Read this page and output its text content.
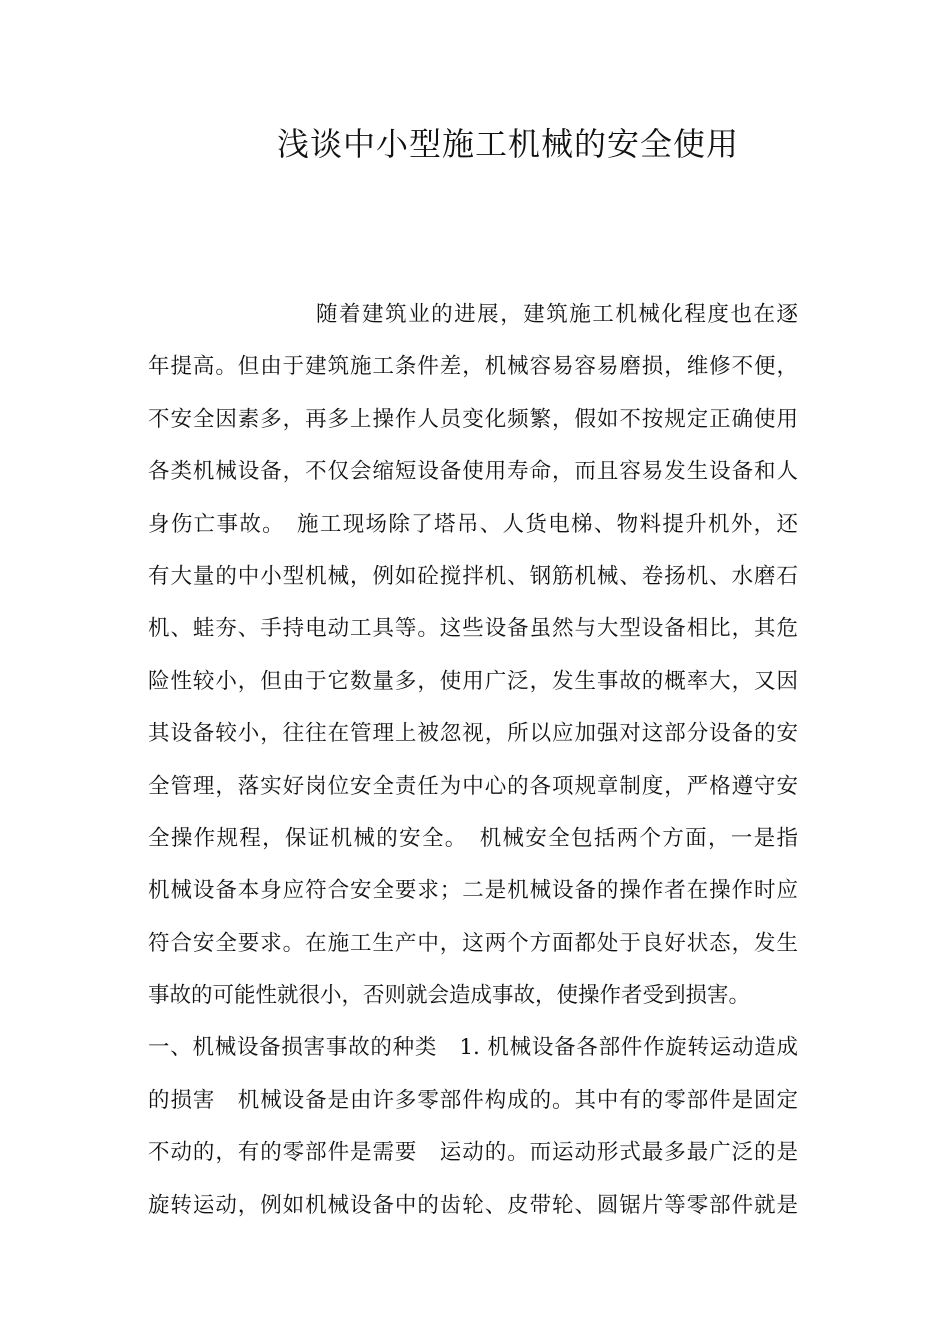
浅谈中小型施工机械的安全使用
随着建筑业的进展，建筑施工机械化程度也在逐
年提高。但由于建筑施工条件差，机械容易容易磨损，维修不便，
不安全因素多，再多上操作人员变化频繁，假如不按规定正确使用
各类机械设备，不仅会缩短设备使用寿命，而且容易发生设备和人
身伤亡事故。　施工现场除了塔吊、人货电梯、物料提升机外，还
有大量的中小型机械，例如砼搅拌机、钢筋机械、卷扬机、水磨石
机、蛙夯、手持电动工具等。这些设备虽然与大型设备相比，其危
险性较小，但由于它数量多，使用广泛，发生事故的概率大，又因
其设备较小，往往在管理上被忽视，所以应加强对这部分设备的安
全管理，落实好岗位安全责任为中心的各项规章制度，严格遵守安
全操作规程，保证机械的安全。　机械安全包括两个方面，一是指
机械设备本身应符合安全要求；二是机械设备的操作者在操作时应
符合安全要求。在施工生产中，这两个方面都处于良好状态，发生
事故的可能性就很小，否则就会造成事故，使操作者受到损害。
一、机械设备损害事故的种类　1. 机械设备各部件作旋转运动造成
的损害　机械设备是由许多零部件构成的。其中有的零部件是固定
不动的，有的零部件是需要　运动的。而运动形式最多最广泛的是
旋转运动，例如机械设备中的齿轮、皮带轮、圆锯片等零部件就是
